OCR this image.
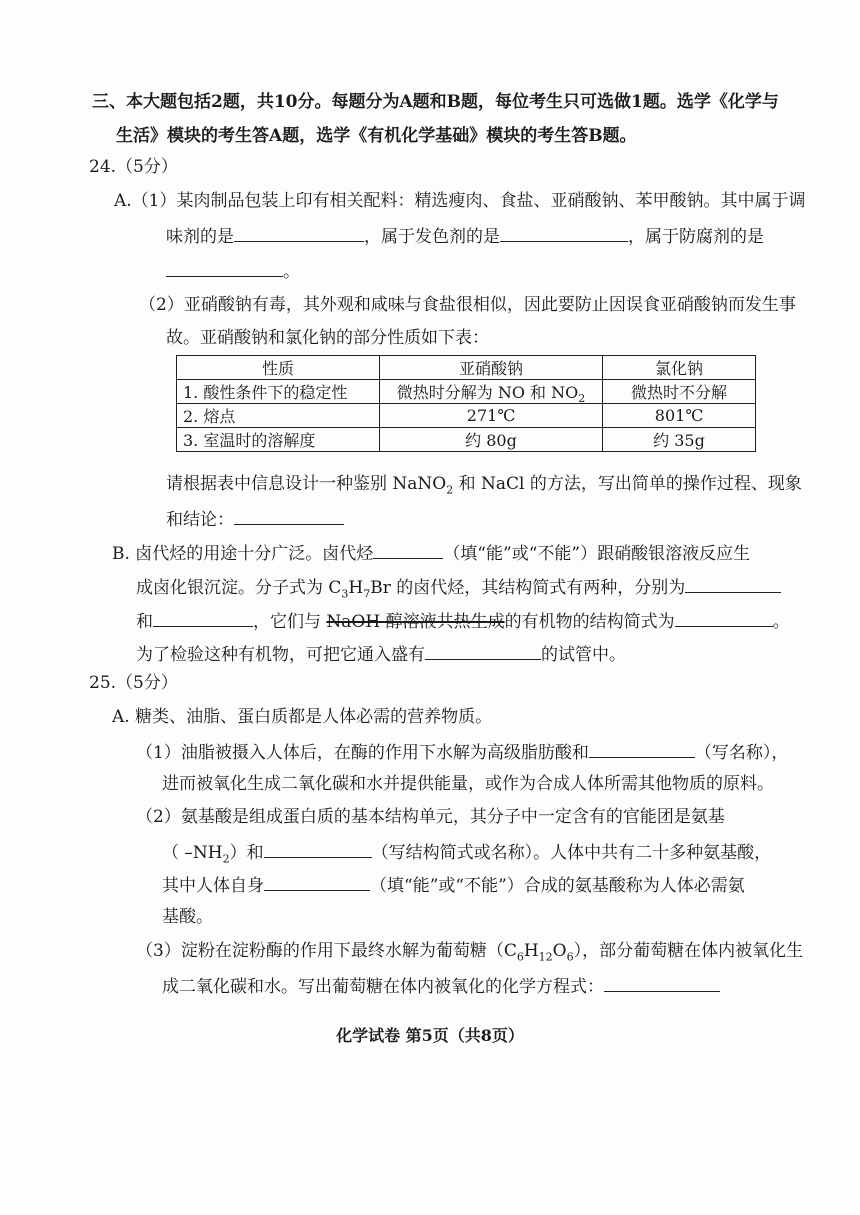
三、本大题包括2题，共10分。每题分为A题和B题，每位考生只可选做1题。选学《化学与
生活》模块的考生答A题，选学《有机化学基础》模块的考生答B题。
24.（5分）
A.（1）某肉制品包装上印有相关配料：精选瘦肉、食盐、亚硝酸钠、苯甲酸钠。其中属于调
味剂的是	，属于发色剂的是	，属于防腐剂的是
。
（2）亚硝酸钠有毒，其外观和咸味与食盐很相似，因此要防止因误食亚硝酸钠而发生事
故。亚硝酸钠和氯化钠的部分性质如下表：
性质	亚硝酸钠	氯化钠
1. 酸性条件下的稳定性	微热时分解为 NO 和 $NO_2$	微热时不分解
2. 熔点	271℃	801℃
3. 室温时的溶解度	约 80g	约 35g
请根据表中信息设计一种鉴别 NaNO$_2$ 和 NaCl 的方法，写出简单的操作过程、现象
和结论：
B. 卤代烃的用途十分广泛。卤代烃	（填“能”或“不能”）跟硝酸银溶液反应生
成卤化银沉淀。分子式为 $C_3H_7Br$ 的卤代烃，其结构简式有两种，分别为
和	，它们与 NaOH 醇溶液共热生成的有机物的结构简式为	。
为了检验这种有机物，可把它通入盛有	的试管中。
25.（5分）
A. 糖类、油脂、蛋白质都是人体必需的营养物质。
（1）油脂被摄入人体后，在酶的作用下水解为高级脂肪酸和	（写名称），
进而被氧化生成二氧化碳和水并提供能量，或作为合成人体所需其他物质的原料。
（2）氨基酸是组成蛋白质的基本结构单元，其分子中一定含有的官能团是氨基
（ $-NH_2$）和	（写结构简式或名称）。人体中共有二十多种氨基酸，
其中人体自身	（填“能”或“不能”）合成的氨基酸称为人体必需氨
基酸。
（3）淀粉在淀粉酶的作用下最终水解为葡萄糖$(C_6H_{12}O_6)$，部分葡萄糖在体内被氧化生
成二氧化碳和水。写出葡萄糖在体内被氧化的化学方程式：
化学试卷 第5页（共8页）
